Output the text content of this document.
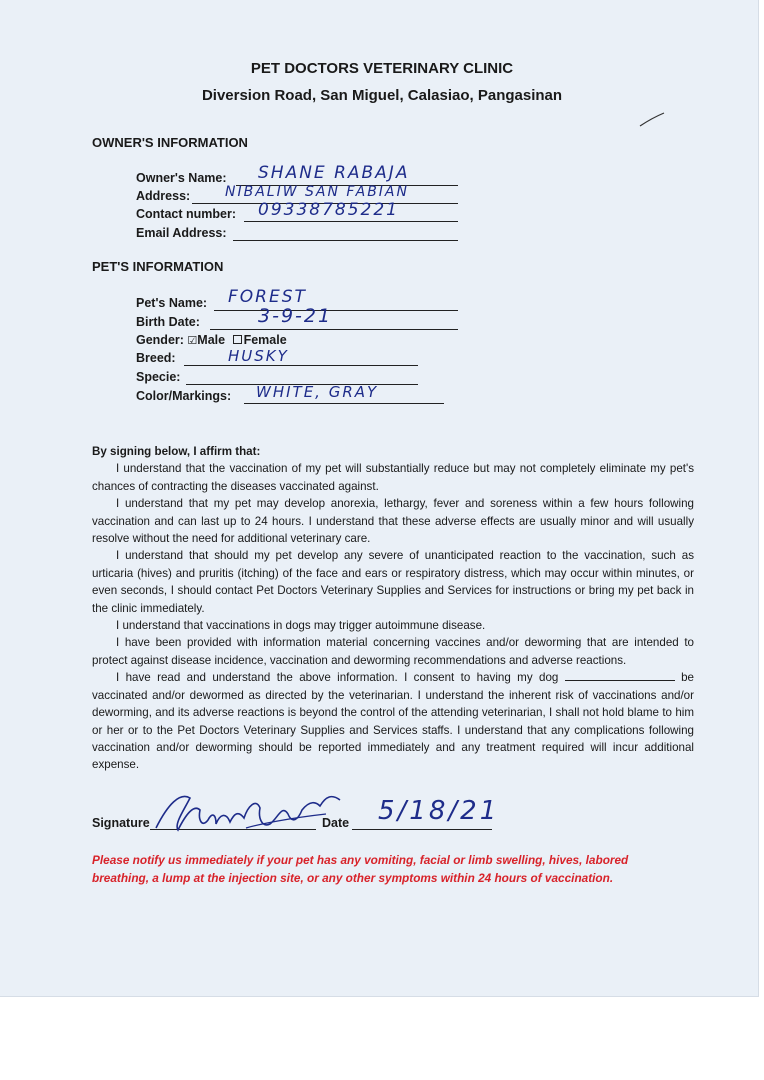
PET DOCTORS VETERINARY CLINIC
Diversion Road, San Miguel, Calasiao, Pangasinan
OWNER'S INFORMATION
Owner's Name: SHANE RABAJA
Address: NIBALIW SAN FABIAN
Contact number: 09338785221
Email Address:
PET'S INFORMATION
Pet's Name: FOREST
Birth Date:	3-9-21
Gender: ☑Male Female
Breed:	HUSKY
Specie:
Color/Markings: WHITE, GRAY

By signing below, I affirm that:

I understand that the vaccination of my pet will substantially reduce but may not completely eliminate my pet's chances of contracting the diseases vaccinated against.

I understand that my pet may develop anorexia, lethargy, fever and soreness within a few hours following vaccination and can last up to 24 hours. I understand that these adverse effects are usually minor and will usually resolve without the need for additional veterinary care.

I understand that should my pet develop any severe of unanticipated reaction to the vaccination, such as urticaria (hives) and pruritis (itching) of the face and ears or respiratory distress, which may occur within minutes, or even seconds, I should contact Pet Doctors Veterinary Supplies and Services for instructions or bring my pet back in the clinic immediately.

I understand that vaccinations in dogs may trigger autoimmune disease.

I have been provided with information material concerning vaccines and/or deworming that are intended to protect against disease incidence, vaccination and deworming recommendations and adverse reactions.

I have read and understand the above information. I consent to having my dog	be vaccinated and/or dewormed as directed by the veterinarian. I understand the inherent risk of vaccinations and/or deworming, and its adverse reactions is beyond the control of the attending veterinarian, I shall not hold blame to him or her or to the Pet Doctors Veterinary Supplies and Services staffs. I understand that any complications following vaccination and/or deworming should be reported immediately and any treatment required will incur additional expense.

Signature	Date 5/18/21
Please notify us immediately if your pet has any vomiting, facial or limb swelling, hives, labored breathing, a lump at the injection site, or any other symptoms within 24 hours of vaccination.
